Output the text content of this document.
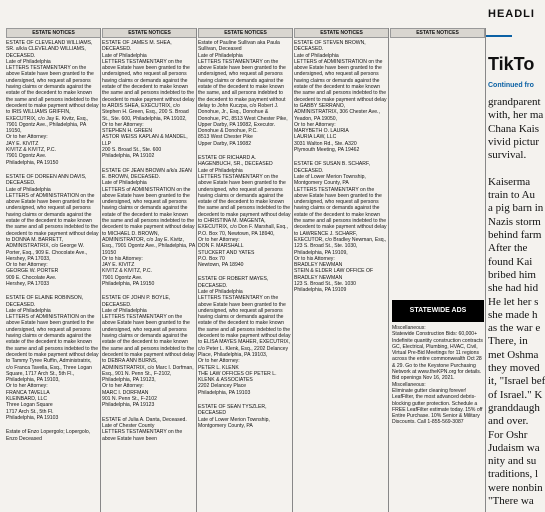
ESTATE NOTICES	ESTATE NOTICES	ESTATE NOTICES	ESTATE NOTICES	ESTATE NOTICES
ESTATE OF CLEVELAND WILLIAMS, SR. a/k/a CLEVELAND WILLIAMS, DECEASED.
Late of Philadelphia
LETTERS TESTAMENTARY on the above Estate have been granted to the undersigned, who request all persons having claims or demands against the estate of the decedent to make known the same and all persons indebted to the decedent to make payment without delay to IRIS WILLIAMS GRIFFIN, EXECUTRIX, c/o Jay E. Kivitz, Esq., 7901 Ogontz Ave., Philadelphia, PA 19150,
Or to her Attorney:
JAY E. KIVITZ
KIVITZ & KIVITZ, P.C.
7901 Ogontz Ave.
Philadelphia, PA 19150
ESTATE OF DOREEN ANN DAVIS, DECEASED.
Late of Philadelphia
LETTERS of ADMINISTRATION on the above Estate have been granted to the undersigned, who request all persons having claims or demands against the estate of the decedent to make known the same and all persons indebted to the decedent to make payment without delay to DONNA M. BARRETT, ADMINISTRATRIX, c/o George W. Porter, Esq., 909 E. Chocolate Ave., Hershey, PA 17033,
Or to her Attorney:
GEORGE W. PORTER
909 E. Chocolate Ave.
Hershey, PA 17033
ESTATE OF ELAINE ROBINSON, DECEASED.
Late of Philadelphia
LETTERS of ADMINISTRATION on the above Estate have been granted to the undersigned, who request all persons having claims or demands against the estate of the decedent to make known the same and all persons indebted to the decedent to make payment without delay to Tammy Tyree Ruffin, Administratrix, c/o Franca Tavella, Esq., Three Logan Square, 1717 Arch St., 5th Fl., Philadelphia, PA 19103,
Or to her Attorney:
FRANCA TAVELLA
KLEINBARD, LLC
Three Logan Square
1717 Arch St., 5th Fl.
Philadelphia, PA 19103
Estate of Enzo Lopergolo; Lopergolo, Enzo Deceased
ESTATE OF JAMES M. SHEA, DECEASED.
Late of Philadelphia
LETTERS TESTAMENTARY on the above Estate have been granted to the undersigned, who request all persons having claims or demands against the estate of the decedent to make known the same and all persons indebted to the decedent to make payment without delay to ARDIS SHEA, EXECUTRIX, c/o Stephen H. Green, Esq., 200 S. Broad St., Ste. 600, Philadelphia, PA 19102,
Or to her Attorney:
STEPHEN H. GREEN
ASTOR WEISS KAPLAN & MANDEL, LLP
200 S. Broad St., Ste. 600
Philadelphia, PA 19102
ESTATE OF JEAN BROWN a/k/a JEAN E. BROWN, DECEASED.
Late of Philadelphia
LETTERS of ADMINISTRATION on the above Estate have been granted to the undersigned, who request all persons having claims or demands against the estate of the decedent to make known the same and all persons indebted to the decedent to make payment without delay to MICHAEL D. BROWN, ADMINISTRATOR, c/o Jay E. Kivitz, Esq., 7901 Ogontz Ave., Philadelphia, PA 19150
Or to his Attorney:
JAY E. KIVITZ
KIVITZ & KIVITZ, P.C.
7901 Ogontz Ave.
Philadelphia, PA 19150
ESTATE OF JOHN P. BOYLE, DECEASED.
Late of Philadelphia
LETTERS TESTAMENTARY on the above Estate have been granted to the undersigned, who request all persons having claims or demands against the estate of the decedent to make known the same and all persons indebted to the decedent to make payment without delay to DEBRA ANN BURNS, ADMINISTRATRIX, c/o Marc I. Dorfman, Esq., 901 N. Penn St., F-2102, Philadelphia, PA 19123,
Or to her Attorney:
MARC I. DORFMAN
901 N. Penn St., F-2102
Philadelphia, PA 19123
ESTATE of Julia A. Danta, Deceased.
Late of Chester County
LETTERS TESTAMENTARY on the above Estate have been
Estate of Pauline Sullivan aka Paula Sullivan, Deceased
Late of Philadelphia
LETTERS TESTAMENTARY on the above Estate have been granted to the undersigned, who request all persons having claims or demands against the estate of the decedent to make known the same, and all persons indebted to the decedent to make payment without delay to John Kuczpa, c/o Robert J. Donohue, Jr., Esq., Donohue & Donohue, PC, 8513 West Chester Pike, Upper Darby, PA 19082, Executor.
Donohue & Donohue, P.C.
8513 West Chester Pike
Upper Darby, PA 19082
ESTATE OF RICHARD A. HAGENBUCH, SR., DECEASED
Late of Philadelphia
LETTERS TESTAMENTARY on the above Estate have been granted to the undersigned, who request all persons having claims or demands against the estate of the decedent to make known the same and all persons indebted to the decedent to make payment without delay to CHRISTINA M. MAGENTA, EXECUTRIX, c/o Don F. Marshall, Esq., P.O. Box 70, Newtown, PA 18940,
Or to her Attorney:
DON F. MARSHALL
STUCKERT AND YATES
P.O. Box 70
Newtown, PA 18940
ESTATE OF ROBERT MAYES, DECEASED.
Late of Philadelphia
LETTERS TESTAMENTARY on the above Estate have been granted to the undersigned, who request all persons having claims or demands against the estate of the decedent to make known the same and all persons indebted to the decedent to make payment without delay to ELISA MAYES MAHER, EXECUTRIX, c/o Peter L. Klenk, Esq., 2202 Delancey Place, Philadelphia, PA 19103,
Or to her Attorney:
PETER L. KLENK
THE LAW OFFICES OF PETER L. KLENK & ASSOCIATES
2202 Delancey Place
Philadelphia, PA 19103
ESTATE OF SEAN TYSZLER, DECEASED
Late of Lower Merion Township, Montgomery County, PA
ESTATE OF STEVEN BROWN, DECEASED.
Late of Philadelphia
LETTERS of ADMINISTRATION on the above Estate have been granted to the undersigned, who request all persons having claims or demands against the estate of the decedent to make known the same and all persons indebted to the decedent to make payment without delay to GABBY SERRANO, ADMINISTRATRIX, 306 Chester Ave., Yeadon, PA 19050,
Or to her Attorney:
MARYBETH O. LAURIA
LAURIA LAW, LLC
3031 Walton Rd., Ste. A320
Plymouth Meeting, PA 19462
ESTATE OF SUSAN B. SCHARF, DECEASED.
Late of Lower Merion Township, Montgomery County, PA
LETTERS TESTAMENTARY on the above Estate have been granted to the undersigned, who request all persons having claims or demands against the estate of the decedent to make known the same and all persons indebted to the decedent to make payment without delay to LAWRENCE J. SCHARF, EXECUTOR, c/o Bradley Newman, Esq., 123 S. Broad St., Ste. 1030, Philadelphia, PA 19109,
Or to his Attorney:
BRADLEY NEWMAN
STEIN & ELDER LAW OFFICE OF BRADLEY NEWMAN
123 S. Broad St., Ste. 1030
Philadelphia, PA 19109
STATEWIDE ADS
Miscellaneous:
Statewide Construction Bids: 60,000+ Indefinite quantity construction contracts GC, Electrical, Plumbing, HVAC, Civil, Virtual Pre-Bid Meetings for 11 regions across the entire commonwealth Oct 28 & 29. Go to the Keystone Purchasing Network at www.theKPN.org for details. Bid openings Nov 16, 2021.
Miscellaneous:
Eliminate gutter cleaning forever! LeafFilter, the most advanced debris-blocking gutter protection. Schedule a FREE LeafFilter estimate today. 15% off Entire Purchase. 10% Senior & Military Discounts. Call 1-855-569-3087
HEADLI
TikTo
Continued fro
grandparent
with, her ma
Chana Kais
vivid pictur
survival.
Kaiserma
train to Au
a pig barn in
Nazis storm
behind farm
After the
found Kai
bribed him
she had hid
He let her s
she made h
as the war e
There, in
met Oshma
they moved
it, "Israel bef
of Israel." K
granddaugh
and over.
For Oshr
Judaism wa
nity and su
traditions, l
were nonbin
"There wa
